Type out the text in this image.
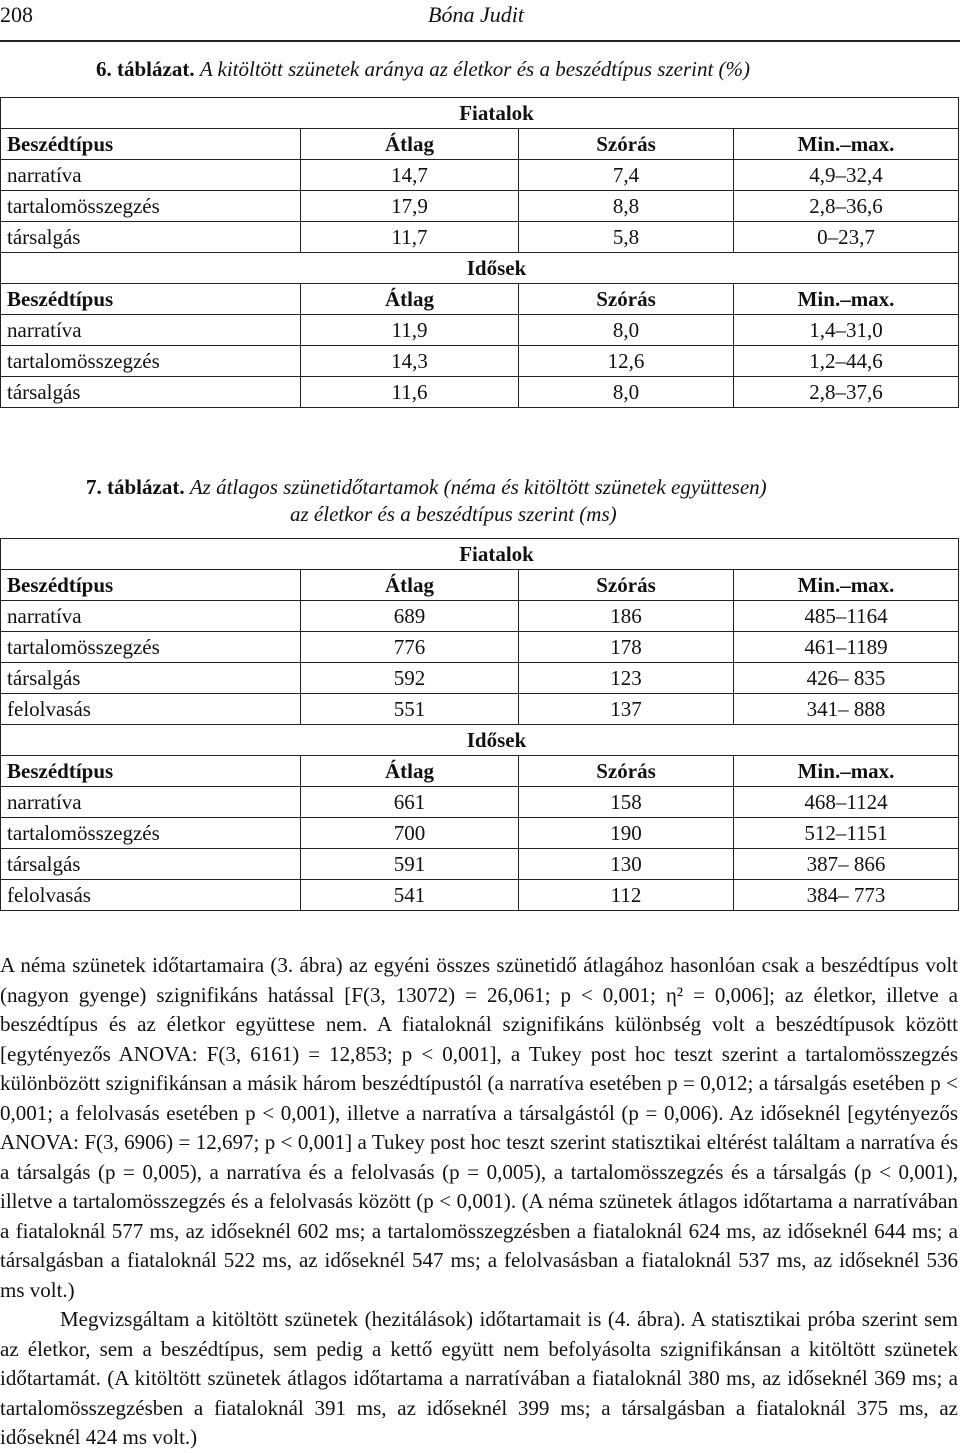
208	Bóna Judit
6. táblázat. A kitöltött szünetek aránya az életkor és a beszédtípus szerint (%)
Fiatalok			
Beszédtípus	Átlag	Szórás	Min.–max.
narratíva	14,7	7,4	4,9–32,4
tartalomösszegzés	17,9	8,8	2,8–36,6
társalgás	11,7	5,8	0–23,7
Idősek			
Beszédtípus	Átlag	Szórás	Min.–max.
narratíva	11,9	8,0	1,4–31,0
tartalomösszegzés	14,3	12,6	1,2–44,6
társalgás	11,6	8,0	2,8–37,6
7. táblázat. Az átlagos szünetidőtartamok (néma és kitöltött szünetek együttesen)
az életkor és a beszédtípus szerint (ms)
Fiatalok			
Beszédtípus	Átlag	Szórás	Min.–max.
narratíva	689	186	485–1164
tartalomösszegzés	776	178	461–1189
társalgás	592	123	426– 835
felolvasás	551	137	341– 888
Idősek			
Beszédtípus	Átlag	Szórás	Min.–max.
narratíva	661	158	468–1124
tartalomösszegzés	700	190	512–1151
társalgás	591	130	387– 866
felolvasás	541	112	384– 773

A néma szünetek időtartamaira (3. ábra) az egyéni összes szünetidő átlagához hasonlóan csak a beszédtípus volt (nagyon gyenge) szignifikáns hatással [F(3, 13072) = 26,061; p < 0,001; η² = 0,006]; az életkor, illetve a beszédtípus és az életkor együttese nem. A fiataloknál szignifikáns különbség volt a beszédtípusok között [egytényezős ANOVA: F(3, 6161) = 12,853; p < 0,001], a Tukey post hoc teszt szerint a tartalomösszegzés különbözött szignifikánsan a másik három beszédtípustól (a narratíva esetében p = 0,012; a társalgás esetében p < 0,001; a felolvasás esetében p < 0,001), illetve a narratíva a társalgástól (p = 0,006). Az időseknél [egytényezős ANOVA: F(3, 6906) = 12,697; p < 0,001] a Tukey post hoc teszt szerint statisztikai eltérést találtam a narratíva és a társalgás (p = 0,005), a narratíva és a felolvasás (p = 0,005), a tartalomösszegzés és a társalgás (p < 0,001), illetve a tartalomösszegzés és a felolvasás között (p < 0,001). (A néma szünetek átlagos időtartama a narratívában a fiataloknál 577 ms, az időseknél 602 ms; a tartalomösszegzésben a fiataloknál 624 ms, az időseknél 644 ms; a társalgásban a fiataloknál 522 ms, az időseknél 547 ms; a felolvasásban a fiataloknál 537 ms, az időseknél 536 ms volt.)

Megvizsgáltam a kitöltött szünetek (hezitálások) időtartamait is (4. ábra). A statisztikai próba szerint sem az életkor, sem a beszédtípus, sem pedig a kettő együtt nem befolyásolta szignifikánsan a kitöltött szünetek időtartamát. (A kitöltött szünetek átlagos időtartama a narratívában a fiataloknál 380 ms, az időseknél 369 ms; a tartalomösszegzésben a fiataloknál 391 ms, az időseknél 399 ms; a társalgásban a fiataloknál 375 ms, az időseknél 424 ms volt.)
